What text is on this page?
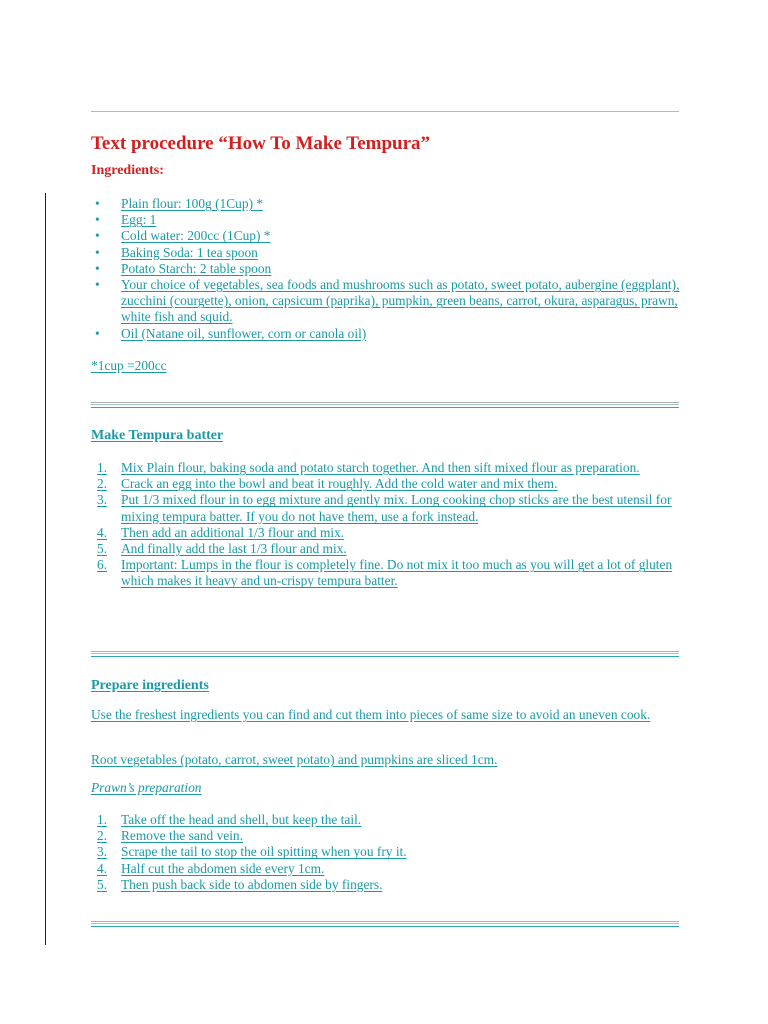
Text procedure “How To Make Tempura”
Ingredients:
• Plain flour: 100g (1Cup) *
• Egg: 1
• Cold water: 200cc (1Cup) *
• Baking Soda: 1 tea spoon
• Potato Starch: 2 table spoon
• Your choice of vegetables, sea foods and mushrooms such as potato, sweet potato, aubergine (eggplant), zucchini (courgette), onion, capsicum (paprika), pumpkin, green beans, carrot, okura, asparagus, prawn, white fish and squid.
• Oil (Natane oil, sunflower, corn or canola oil)

*1cup =200cc

Make Tempura batter
1. Mix Plain flour, baking soda and potato starch together. And then sift mixed flour as preparation.
2. Crack an egg into the bowl and beat it roughly. Add the cold water and mix them.
3. Put 1/3 mixed flour in to egg mixture and gently mix. Long cooking chop sticks are the best utensil for mixing tempura batter. If you do not have them, use a fork instead.
4. Then add an additional 1/3 flour and mix.
5. And finally add the last 1/3 flour and mix.
6. Important: Lumps in the flour is completely fine. Do not mix it too much as you will get a lot of gluten which makes it heavy and un-crispy tempura batter.
Prepare ingredients

Use the freshest ingredients you can find and cut them into pieces of same size to avoid an uneven cook.

Root vegetables (potato, carrot, sweet potato) and pumpkins are sliced 1cm.

Prawn’s preparation

1. Take off the head and shell, but keep the tail.
2. Remove the sand vein.
3. Scrape the tail to stop the oil spitting when you fry it.
4. Half cut the abdomen side every 1cm.
5. Then push back side to abdomen side by fingers.
